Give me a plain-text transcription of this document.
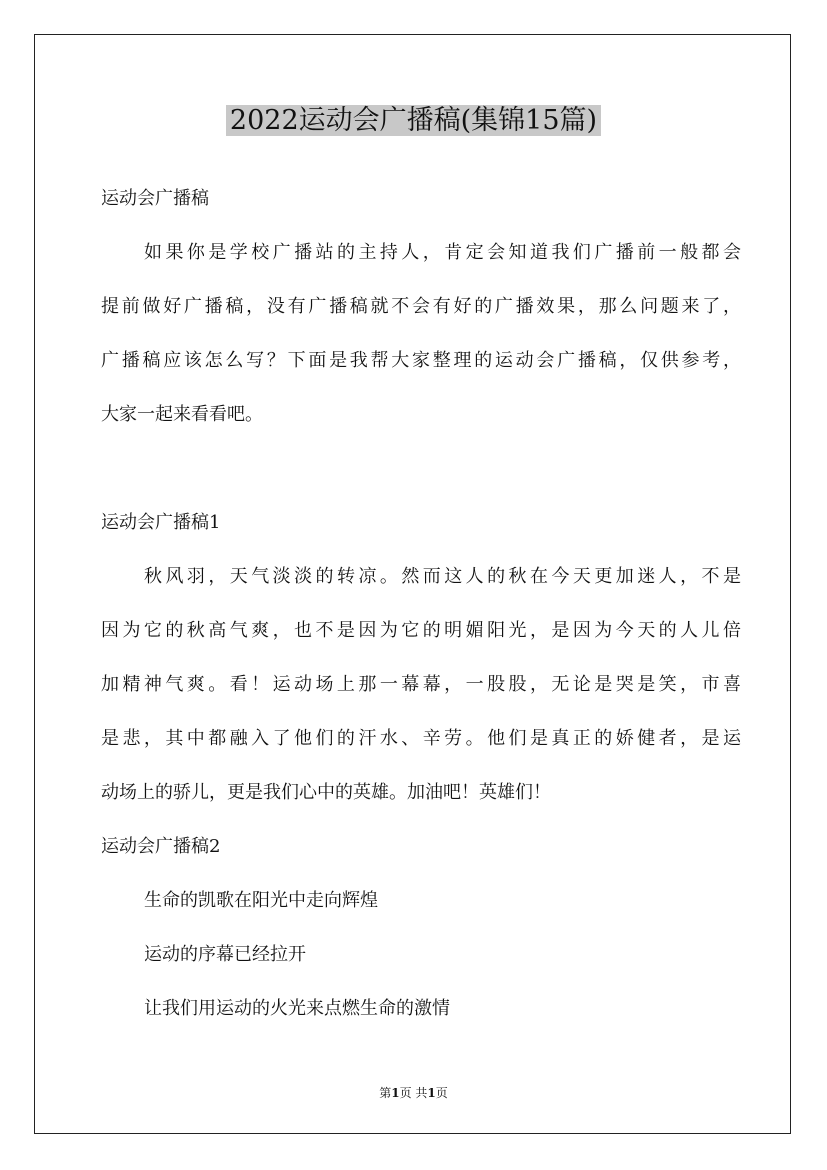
2022运动会广播稿(集锦15篇)

运动会广播稿

如果你是学校广播站的主持人，肯定会知道我们广播前一般都会

提前做好广播稿，没有广播稿就不会有好的广播效果，那么问题来了，

广播稿应该怎么写？下面是我帮大家整理的运动会广播稿，仅供参考，

大家一起来看看吧。

运动会广播稿1

秋风羽，天气淡淡的转凉。然而这人的秋在今天更加迷人，不是

因为它的秋高气爽，也不是因为它的明媚阳光，是因为今天的人儿倍

加精神气爽。看！运动场上那一幕幕，一股股，无论是哭是笑，市喜

是悲，其中都融入了他们的汗水、辛劳。他们是真正的娇健者，是运

动场上的骄儿，更是我们心中的英雄。加油吧！英雄们！

运动会广播稿2

生命的凯歌在阳光中走向辉煌

运动的序幕已经拉开

让我们用运动的火光来点燃生命的激情

第1页 共1页
